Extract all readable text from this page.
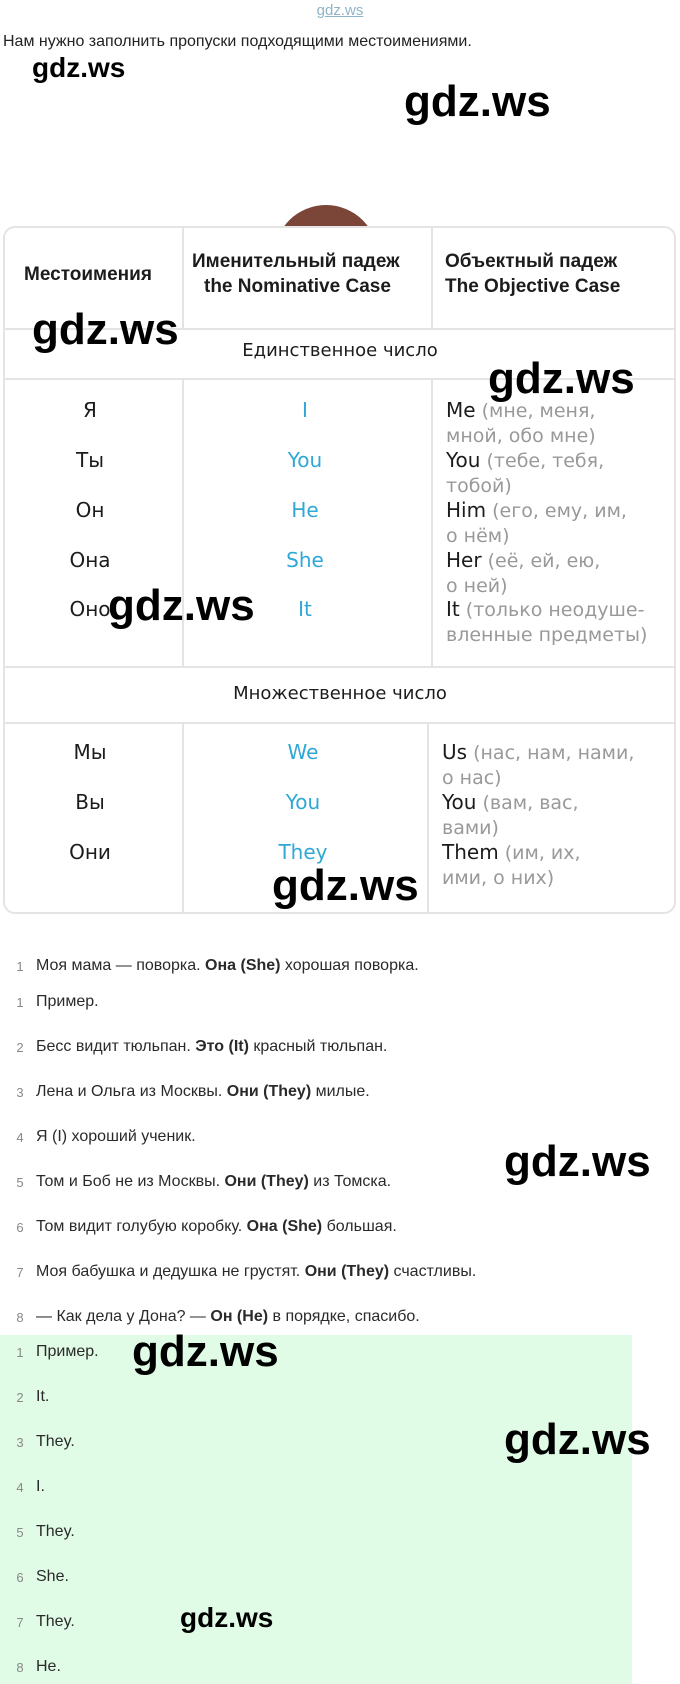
gdz.ws
Нам нужно заполнить пропуски подходящими местоимениями.
Местоимения
Именительный падеж
the Nominative Case
Объектный падеж
The Objective Case
Единственное число
Я	I	Me (мне, меня,
мной, обо мне)
Ты	You	You (тебе, тебя,
тобой)
Он	He	Him (его, ему, им,
о нём)
Она	She	Her (её, ей, ею,
о ней)
Оно	It	It (только неодуше-
вленные предметы)
Множественное число
Мы	We	Us (нас, нам, нами,
о нас)
Вы	You	You (вам, вас,
вами)
Они	They	Them (им, их,
ими, о них)
1 Моя мама — поворка. Она (She) хорошая поворка.
1 Пример.
2 Бесс видит тюльпан. Это (It) красный тюльпан.
3 Лена и Ольга из Москвы. Они (They) милые.
4 Я (I) хороший ученик.
5 Том и Боб не из Москвы. Они (They) из Томска.
6 Том видит голубую коробку. Она (She) большая.
7 Моя бабушка и дедушка не грустят. Они (They) счастливы.
8 — Как дела у Дона? — Он (He) в порядке, спасибо.
1 Пример.
2 It.
3 They.
4 I.
5 They.
6 She.
7 They.
8 He.
gdz.ws
gdz.ws
gdz.ws
gdz.ws
gdz.ws
gdz.ws
gdz.ws
gdz.ws
gdz.ws
gdz.ws
